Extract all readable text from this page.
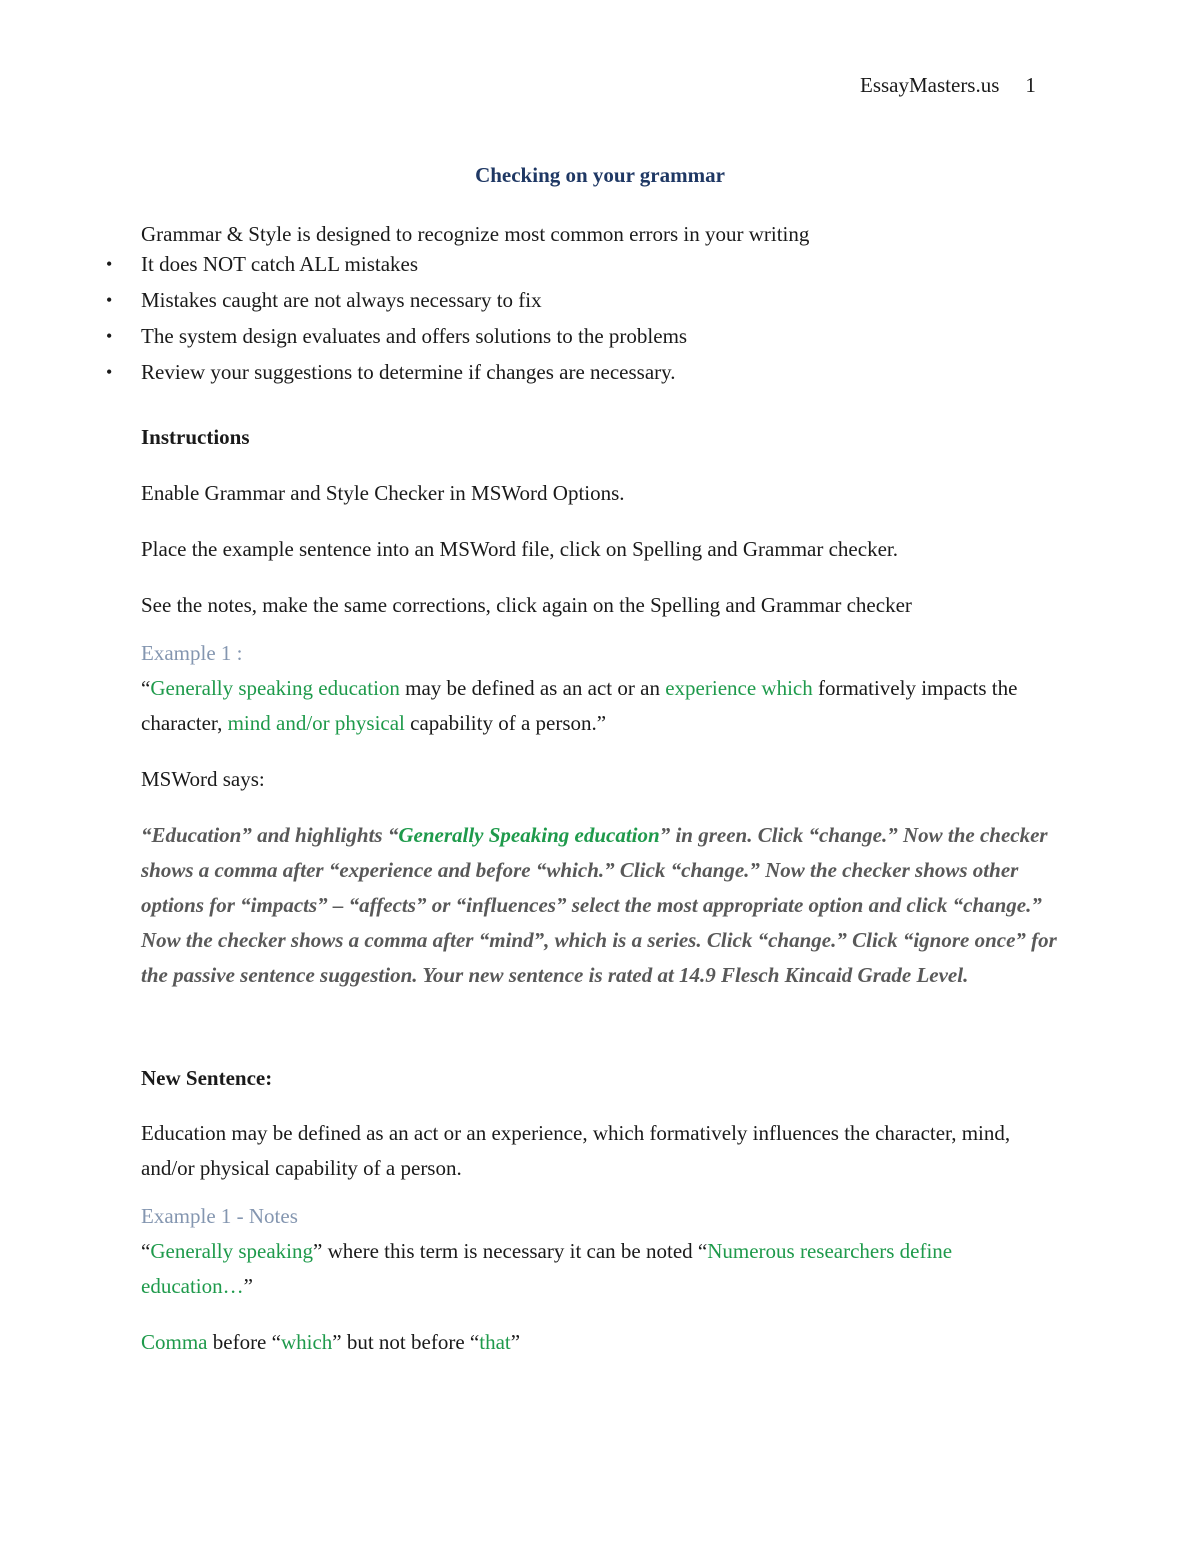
EssayMasters.us 1
Checking on your grammar

Grammar & Style is designed to recognize most common errors in your writing

• It does NOT catch ALL mistakes
• Mistakes caught are not always necessary to fix
• The system design evaluates and offers solutions to the problems
• Review your suggestions to determine if changes are necessary.

Instructions

Enable Grammar and Style Checker in MSWord Options.

Place the example sentence into an MSWord file, click on Spelling and Grammar checker.

See the notes, make the same corrections, click again on the Spelling and Grammar checker

Example 1 :

“Generally speaking education may be defined as an act or an experience which formatively impacts the character, mind and/or physical capability of a person.”

MSWord says:

“Education” and highlights “Generally Speaking education” in green. Click “change.” Now the checker shows a comma after “experience and before “which.” Click “change.” Now the checker shows other options for “impacts” – “affects” or “influences” select the most appropriate option and click “change.” Now the checker shows a comma after “mind”, which is a series. Click “change.” Click “ignore once” for the passive sentence suggestion. Your new sentence is rated at 14.9 Flesch Kincaid Grade Level.

New Sentence:

Education may be defined as an act or an experience, which formatively influences the character, mind, and/or physical capability of a person.

Example 1 - Notes

“Generally speaking” where this term is necessary it can be noted “Numerous researchers define education…”

Comma before “which” but not before “that”
